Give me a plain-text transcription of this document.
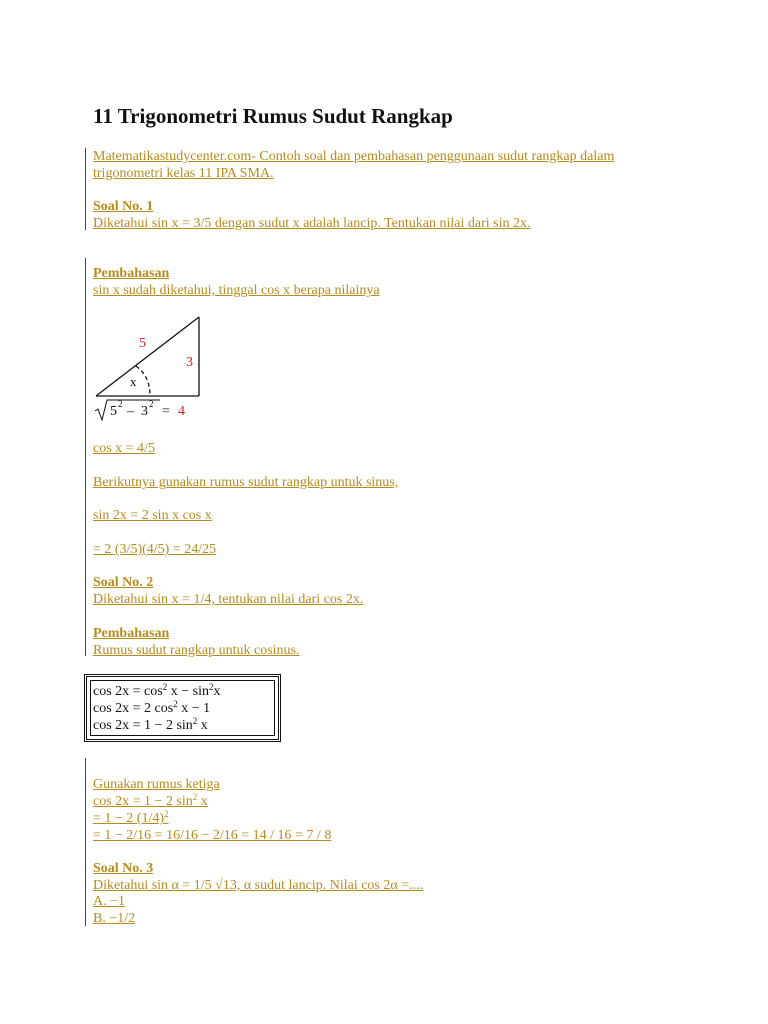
11 Trigonometri Rumus Sudut Rangkap
Matematikastudycenter.com- Contoh soal dan pembahasan penggunaan sudut rangkap dalam
trigonometri kelas 11 IPA SMA.
Soal No. 1
Diketahui sin x = 3/5 dengan sudut x adalah lancip. Tentukan nilai dari sin 2x.
Pembahasan
sin x sudah diketahui, tinggal cos x berapa nilainya
5
3
x
5 2 – 3 2 = 4
cos x = 4/5
Berikutnya gunakan rumus sudut rangkap untuk sinus,
sin 2x = 2 sin x cos x
= 2 (3/5)(4/5) = 24/25
Soal No. 2
Diketahui sin x = 1/4, tentukan nilai dari cos 2x.
Pembahasan
Rumus sudut rangkap untuk cosinus.
$\cos 2x = \cos^2 x - \sin^2x$
cos 2x = 2 $\cos^2 x - 1$
cos 2x = 1 − 2 $\sin^2 x$
Gunakan rumus ketiga
cos 2x = 1 − 2 $\sin^2 x$
= 1 − 2 $(1/4)^2$
= 1 − 2/16 = 16/16 − 2/16 = 14 / 16 = 7 / 8
Soal No. 3
Diketahui sin α = 1/5 √13, α sudut lancip. Nilai cos 2α =....
A. −1
B. −1/2
